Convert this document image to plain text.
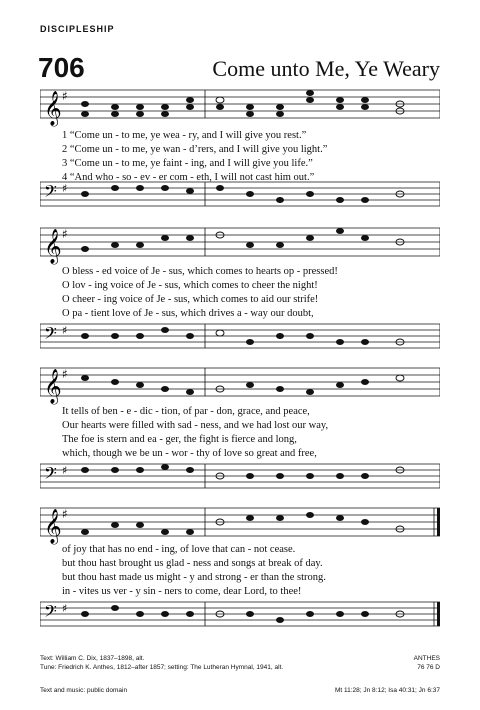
DISCIPLESHIP
706	Come unto Me, Ye Weary
𝄞 ♯
1 “Come un - to me, ye wea - ry, and I will give you rest.”
2 “Come un - to me, ye wan - d’rers, and I will give you light.”
3 “Come un - to me, ye faint - ing, and I will give you life.”
4 “And who - so - ev - er com - eth, I will not cast him out.”
𝄢 ♯
𝄞 ♯
O bless - ed voice of Je - sus, which comes to hearts op - pressed!
O lov - ing voice of Je - sus, which comes to cheer the night!
O cheer - ing voice of Je - sus, which comes to aid our strife!
O pa - tient love of Je - sus, which drives a - way our doubt,
𝄢 ♯
𝄞 ♯
It tells of ben - e - dic - tion, of par - don, grace, and peace,
Our hearts were filled with sad - ness, and we had lost our way,
The foe is stern and ea - ger, the fight is fierce and long,
which, though we be un - wor - thy of love so great and free,
𝄢 ♯
𝄞 ♯
of joy that has no end - ing, of love that can - not cease.
but thou hast brought us glad - ness and songs at break of day.
but thou hast made us might - y and strong - er than the strong.
in - vites us ver - y sin - ners to come, dear Lord, to thee!
𝄢 ♯
Text: William C. Dix, 1837–1898, alt.
Tune: Friedrich K. Anthes, 1812–after 1857; setting: The Lutheran Hymnal, 1941, alt.
ANTHES
76 76 D
Text and music: public domain	Mt 11:28; Jn 8:12; Isa 40:31; Jn 6:37
